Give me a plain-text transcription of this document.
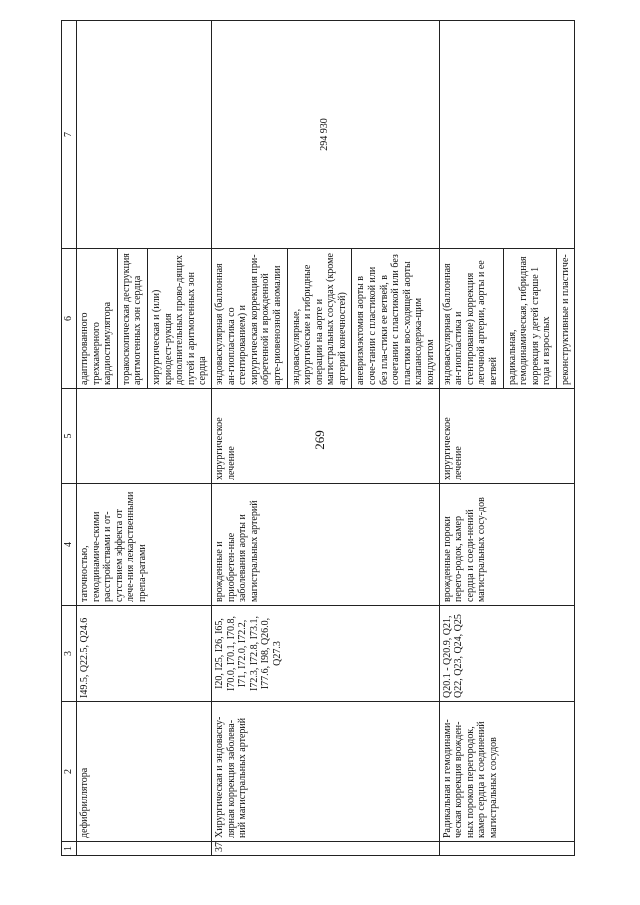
269
1	2	3	4	5	6	7
	дефибриллятора	I49.5, Q22.5, Q24.6	таточностью, гемодинамиче-скими расстройствами и от-сутствием эффекта от лече-ния лекарственными препа-ратами		адаптированного трехкамерного кардиостимулятора торакоскопическая деструкция аритмогенных зон сердца хирургическая и (или) криодест-рукция дополнительных прово-дящих путей и аритмогенных зон сердца	

37	Хирургическая и эндоваску-лярная коррекция заболева-ний магистральных артерий	I20, I25, I26, I65, I70.0, I70.1, I70.8, I71, I72.0, I72.2, I72.3, I72.8, I73.1, I77.6, I98, Q26.0, Q27.3	врожденные и приобретен-ные заболевания аорты и магистральных артерий	хирургическое лечение	эндоваскулярная (баллонная ан-гиопластика со стентированием) и хирургическая коррекция при-обретенной и врожденной арте-риовенозной аномалии эндоваскулярные, хирургические и гибридные операции на аорте и магистральных сосудах (кроме артерий конечностей) аневризмэктомия аорты в соче-тании с пластикой или без пла-стики ее ветвей, в сочетании с пластикой или без пластики вос-ходящей аорты клапансодержа-щим кондуитом	294 930
	Радикальная и гемодинами-ческая коррекция врожден-ных пороков перегородок, камер сердца и соединений магистральных сосудов	Q20.1 - Q20.9, Q21, Q22, Q23, Q24, Q25	врожденные пороки перего-родок, камер сердца и соеди-нений магистральных сосу-дов	хирургическое лечение	эндоваскулярная (баллонная ан-гиопластика и стентирование) коррекция легочной артерии, аорты и ее ветвей радикальная, гемодинамическая, гибридная коррекция у детей старше 1 года и взрослых реконструктивные и пластиче-	
